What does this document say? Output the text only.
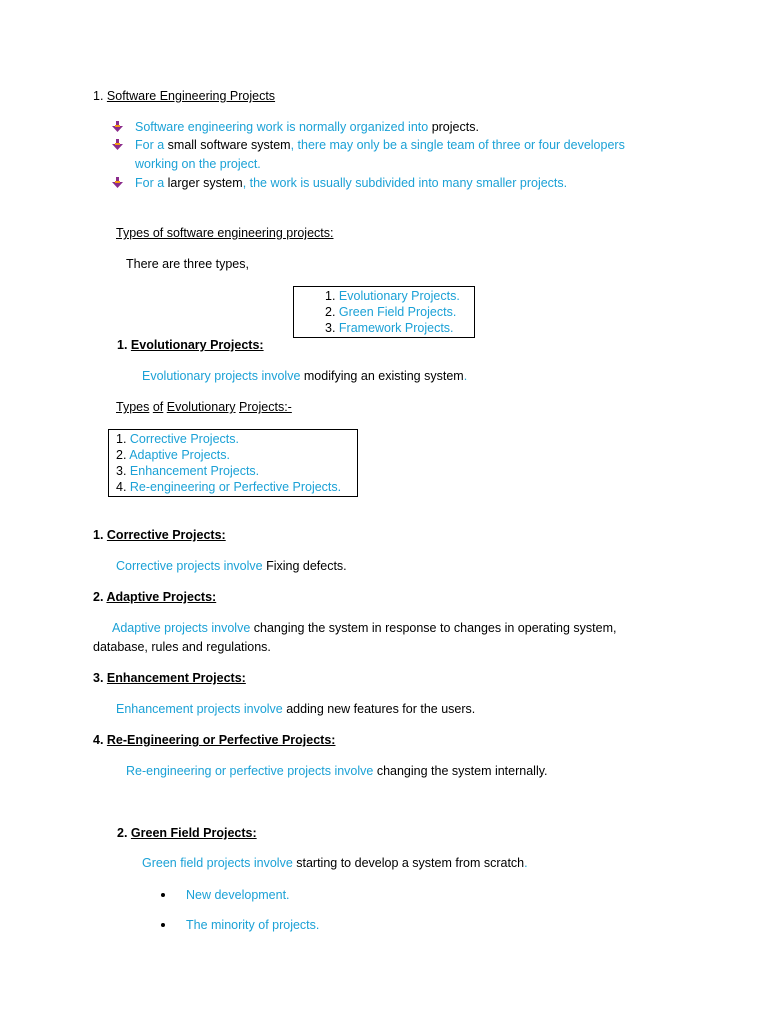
1. Software Engineering Projects
Software engineering work is normally organized into projects.
For a small software system, there may only be a single team of three or four developers
working on the project.
For a larger system, the work is usually subdivided into many smaller projects.
Types of software engineering projects:
There are three types,
1. Evolutionary Projects.
2. Green Field Projects.
3. Framework Projects.
1. Evolutionary Projects:
Evolutionary projects involve modifying an existing system.
Types of Evolutionary Projects:-
1. Corrective Projects.
2. Adaptive Projects.
3. Enhancement Projects.
4. Re-engineering or Perfective Projects.
1. Corrective Projects:
Corrective projects involve Fixing defects.
2. Adaptive Projects:
Adaptive projects involve changing the system in response to changes in operating system,
database, rules and regulations.
3. Enhancement Projects:
Enhancement projects involve adding new features for the users.
4. Re-Engineering or Perfective Projects:
Re-engineering or perfective projects involve changing the system internally.
2. Green Field Projects:
Green field projects involve starting to develop a system from scratch.
New development.
The minority of projects.
